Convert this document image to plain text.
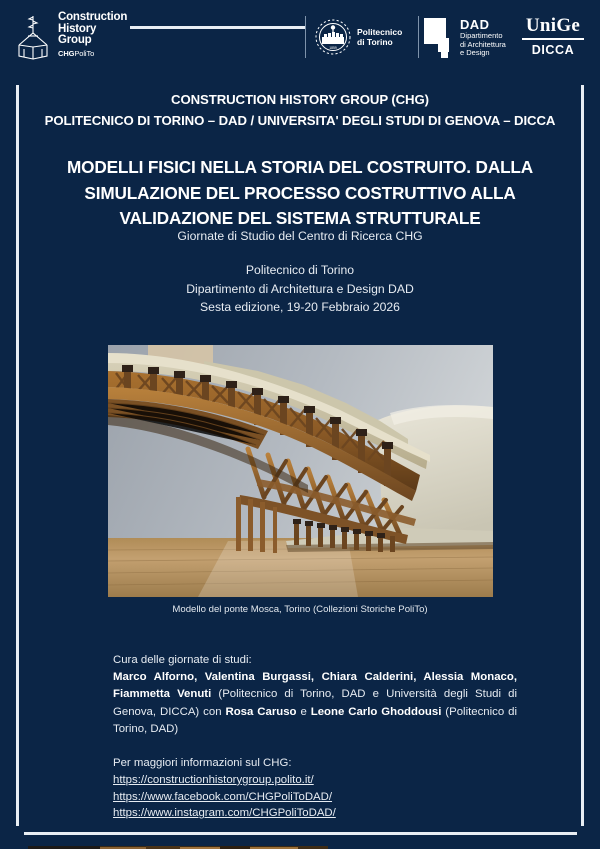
Construction
History
Group
CHGPoliTo
1859
Politecnico
di Torino
DAD
Dipartimento
di Architettura
e Design
UniGe
DICCA
CONSTRUCTION HISTORY GROUP (CHG)
POLITECNICO DI TORINO – DAD / UNIVERSITA' DEGLI STUDI DI GENOVA – DICCA
MODELLI FISICI NELLA STORIA DEL COSTRUITO. DALLA
SIMULAZIONE DEL PROCESSO COSTRUTTIVO ALLA
VALIDAZIONE DEL SISTEMA STRUTTURALE
Giornate di Studio del Centro di Ricerca CHG
Politecnico di Torino
Dipartimento di Architettura e Design DAD
Sesta edizione, 19-20 Febbraio 2026
Modello del ponte Mosca, Torino (Collezioni Storiche PoliTo)
Cura delle giornate di studi:

Marco Alforno, Valentina Burgassi, Chiara Calderini, Alessia Monaco, Fiammetta Venuti (Politecnico di Torino, DAD e Università degli Studi di Genova, DICCA) con Rosa Caruso e Leone Carlo Ghoddousi (Politecnico di Torino, DAD)

Per maggiori informazioni sul CHG:
https://constructionhistorygroup.polito.it/
https://www.facebook.com/CHGPoliToDAD/
https://www.instagram.com/CHGPoliToDAD/
